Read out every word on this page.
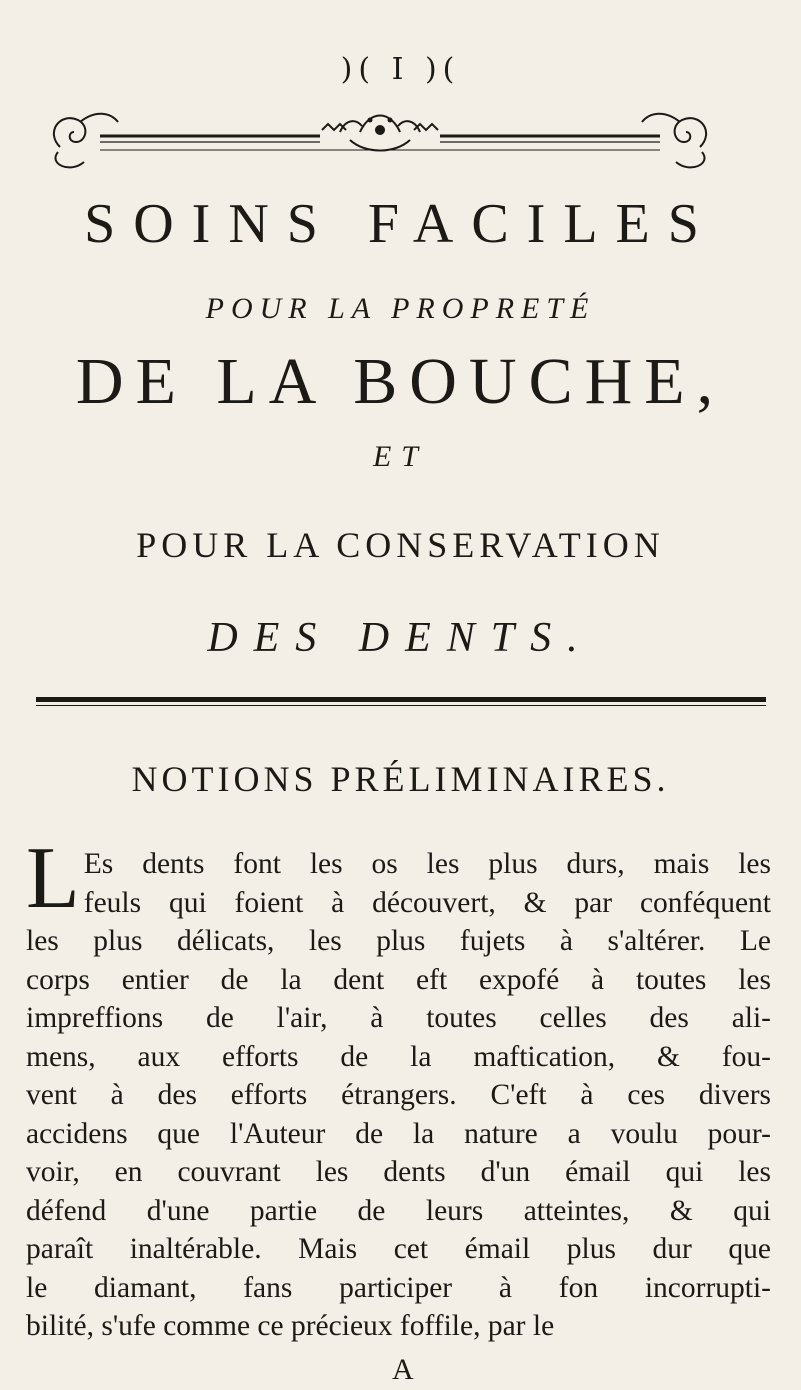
)( I )(
SOINS FACILES
POUR LA PROPRETÉ
DE LA BOUCHE,
ET
POUR LA CONSERVATION
DES DENTS.
NOTIONS PRÉLIMINAIRES.
L Es dents font les os les plus durs, mais les
feuls qui foient à découvert, & par conféquent
les plus délicats, les plus fujets à s'altérer. Le
corps entier de la dent eft expofé à toutes les
impreffions de l'air, à toutes celles des ali-
mens, aux efforts de la maftication, & fou-
vent à des efforts étrangers. C'eft à ces divers
accidens que l'Auteur de la nature a voulu pour-
voir, en couvrant les dents d'un émail qui les
défend d'une partie de leurs atteintes, & qui
paraît inaltérable. Mais cet émail plus dur que
le diamant, fans participer à fon incorrupti-
bilité, s'ufe comme ce précieux foffile, par le
A
